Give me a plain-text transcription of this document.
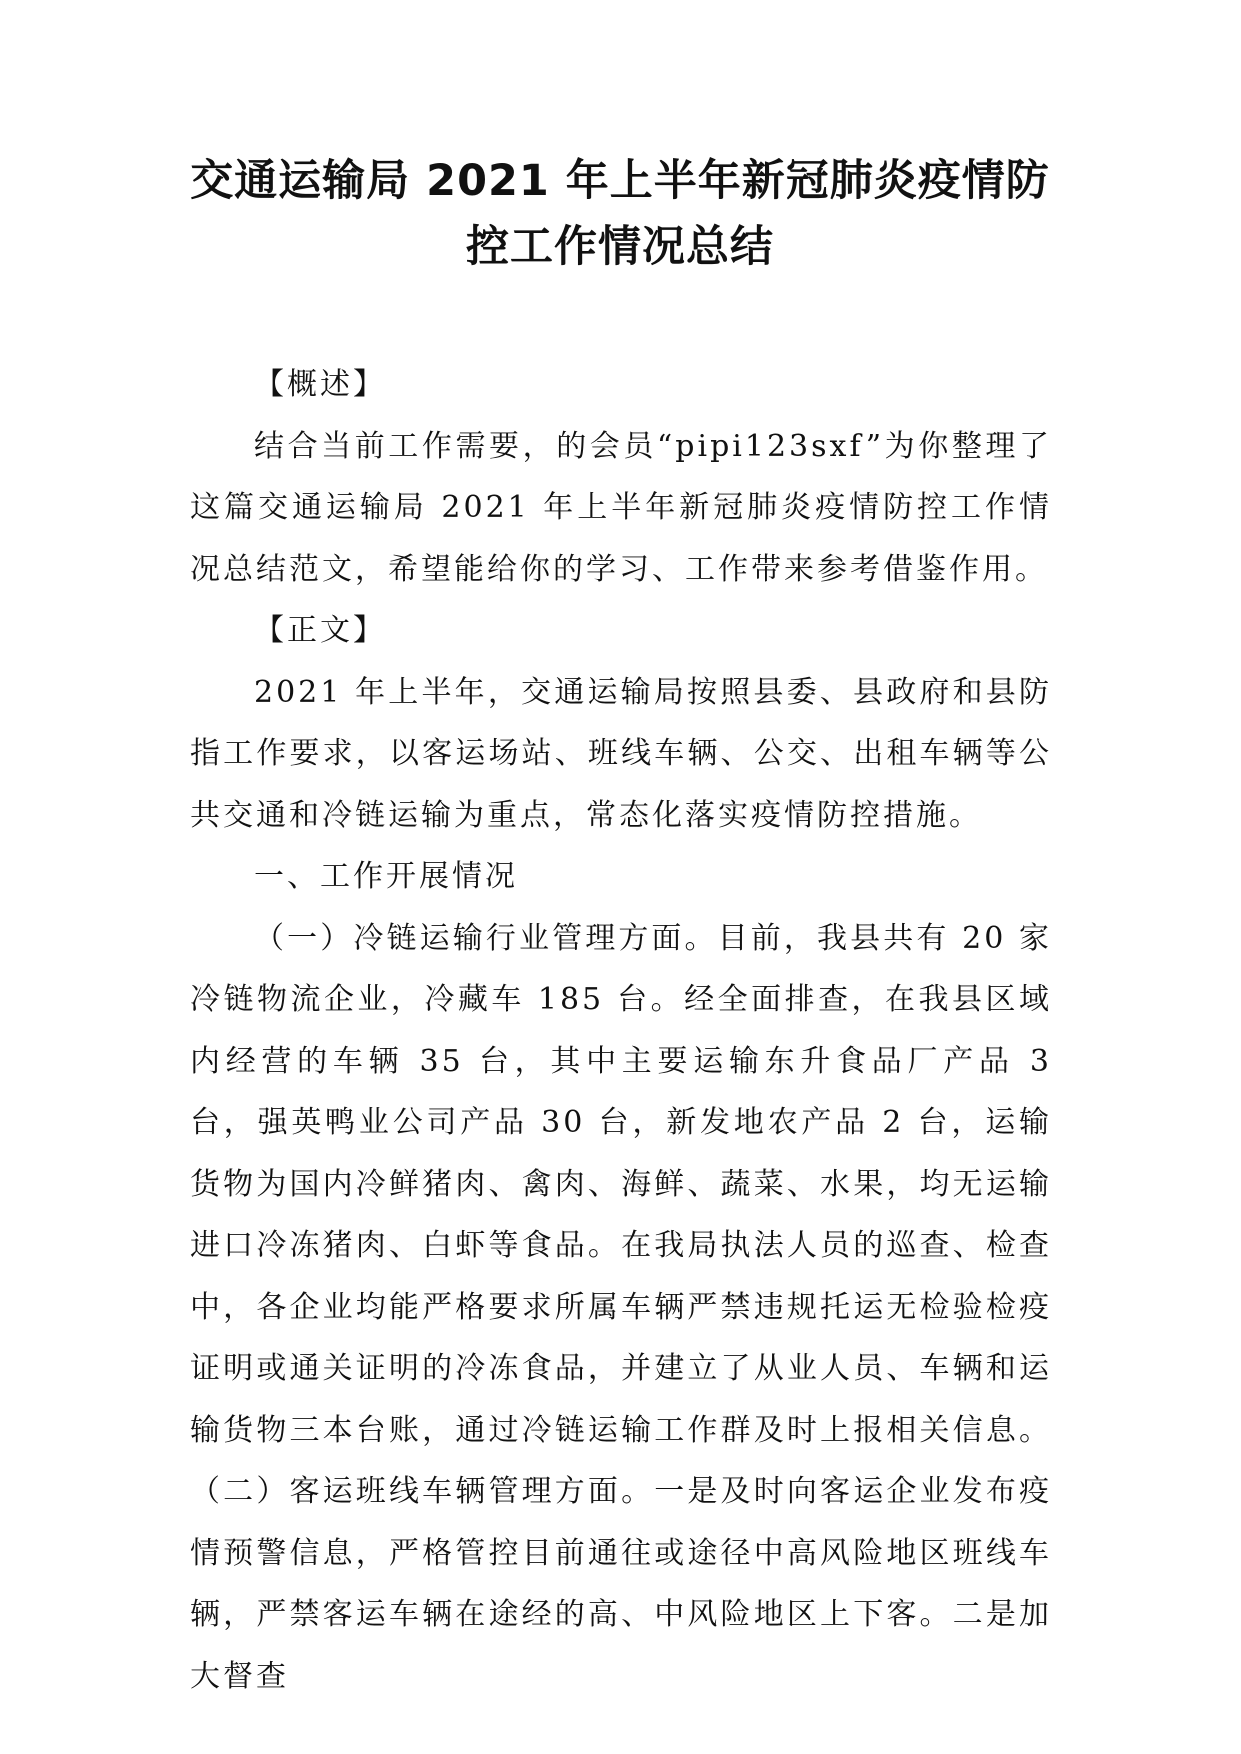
交通运输局 2021 年上半年新冠肺炎疫情防
控工作情况总结

【概述】

结合当前工作需要，的会员“pipi123sxf”为你整理了这篇交通运输局 2021 年上半年新冠肺炎疫情防控工作情况总结范文，希望能给你的学习、工作带来参考借鉴作用。

【正文】

2021 年上半年，交通运输局按照县委、县政府和县防指工作要求，以客运场站、班线车辆、公交、出租车辆等公共交通和冷链运输为重点，常态化落实疫情防控措施。

一、工作开展情况

（一）冷链运输行业管理方面。目前，我县共有 20 家冷链物流企业，冷藏车 185 台。经全面排查，在我县区域内经营的车辆 35 台，其中主要运输东升食品厂产品 3 台，强英鸭业公司产品 30 台，新发地农产品 2 台，运输货物为国内冷鲜猪肉、禽肉、海鲜、蔬菜、水果，均无运输进口冷冻猪肉、白虾等食品。在我局执法人员的巡查、检查中，各企业均能严格要求所属车辆严禁违规托运无检验检疫证明或通关证明的冷冻食品，并建立了从业人员、车辆和运输货物三本台账，通过冷链运输工作群及时上报相关信息。（二）客运班线车辆管理方面。一是及时向客运企业发布疫情预警信息，严格管控目前通往或途径中高风险地区班线车辆，严禁客运车辆在途经的高、中风险地区上下客。二是加大督查
